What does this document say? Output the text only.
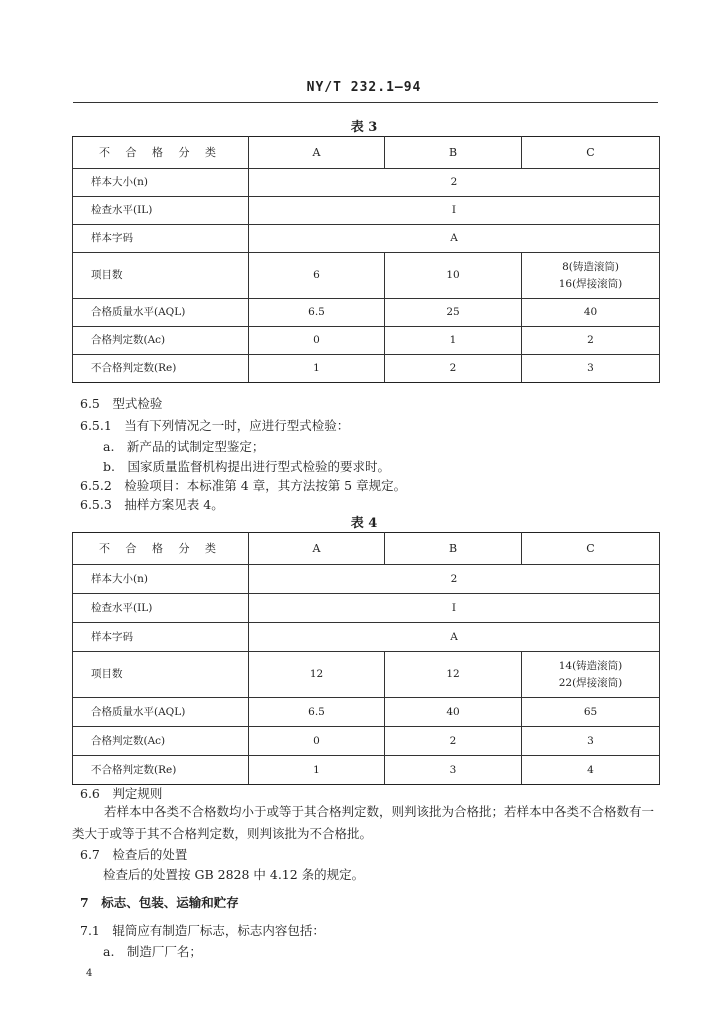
NY/T 232.1—94
表 3
不 合 格 分 类	A	B	C
样本大小(n)	2		
检查水平(ⅠL)	Ⅰ		
样本字码	A		
项目数	6	10	8(铸造滚筒)
16(焊接滚筒)

合格质量水平(AQL)	6.5	25	40
合格判定数(Ac)	0	1	2
不合格判定数(Re)	1	2	3
6.5　型式检验
6.5.1　当有下列情况之一时，应进行型式检验：
a.　新产品的试制定型鉴定；
b.　国家质量监督机构提出进行型式检验的要求时。
6.5.2　检验项目：本标准第 4 章，其方法按第 5 章规定。
6.5.3　抽样方案见表 4。
表 4
不 合 格 分 类	A	B	C
样本大小(n)	2		
检查水平(ⅠL)	Ⅰ		
样本字码	A		
项目数	12	12	14(铸造滚筒)
22(焊接滚筒)

合格质量水平(AQL)	6.5	40	65
合格判定数(Ac)	0	2	3
不合格判定数(Re)	1	3	4
6.6　判定规则
若样本中各类不合格数均小于或等于其合格判定数，则判该批为合格批；若样本中各类不合格数有一类大于或等于其不合格判定数，则判该批为不合格批。
6.7　检查后的处置
检查后的处置按 GB 2828 中 4.12 条的规定。
7　标志、包装、运输和贮存
7.1　辊筒应有制造厂标志，标志内容包括：
a.　制造厂厂名；
4
